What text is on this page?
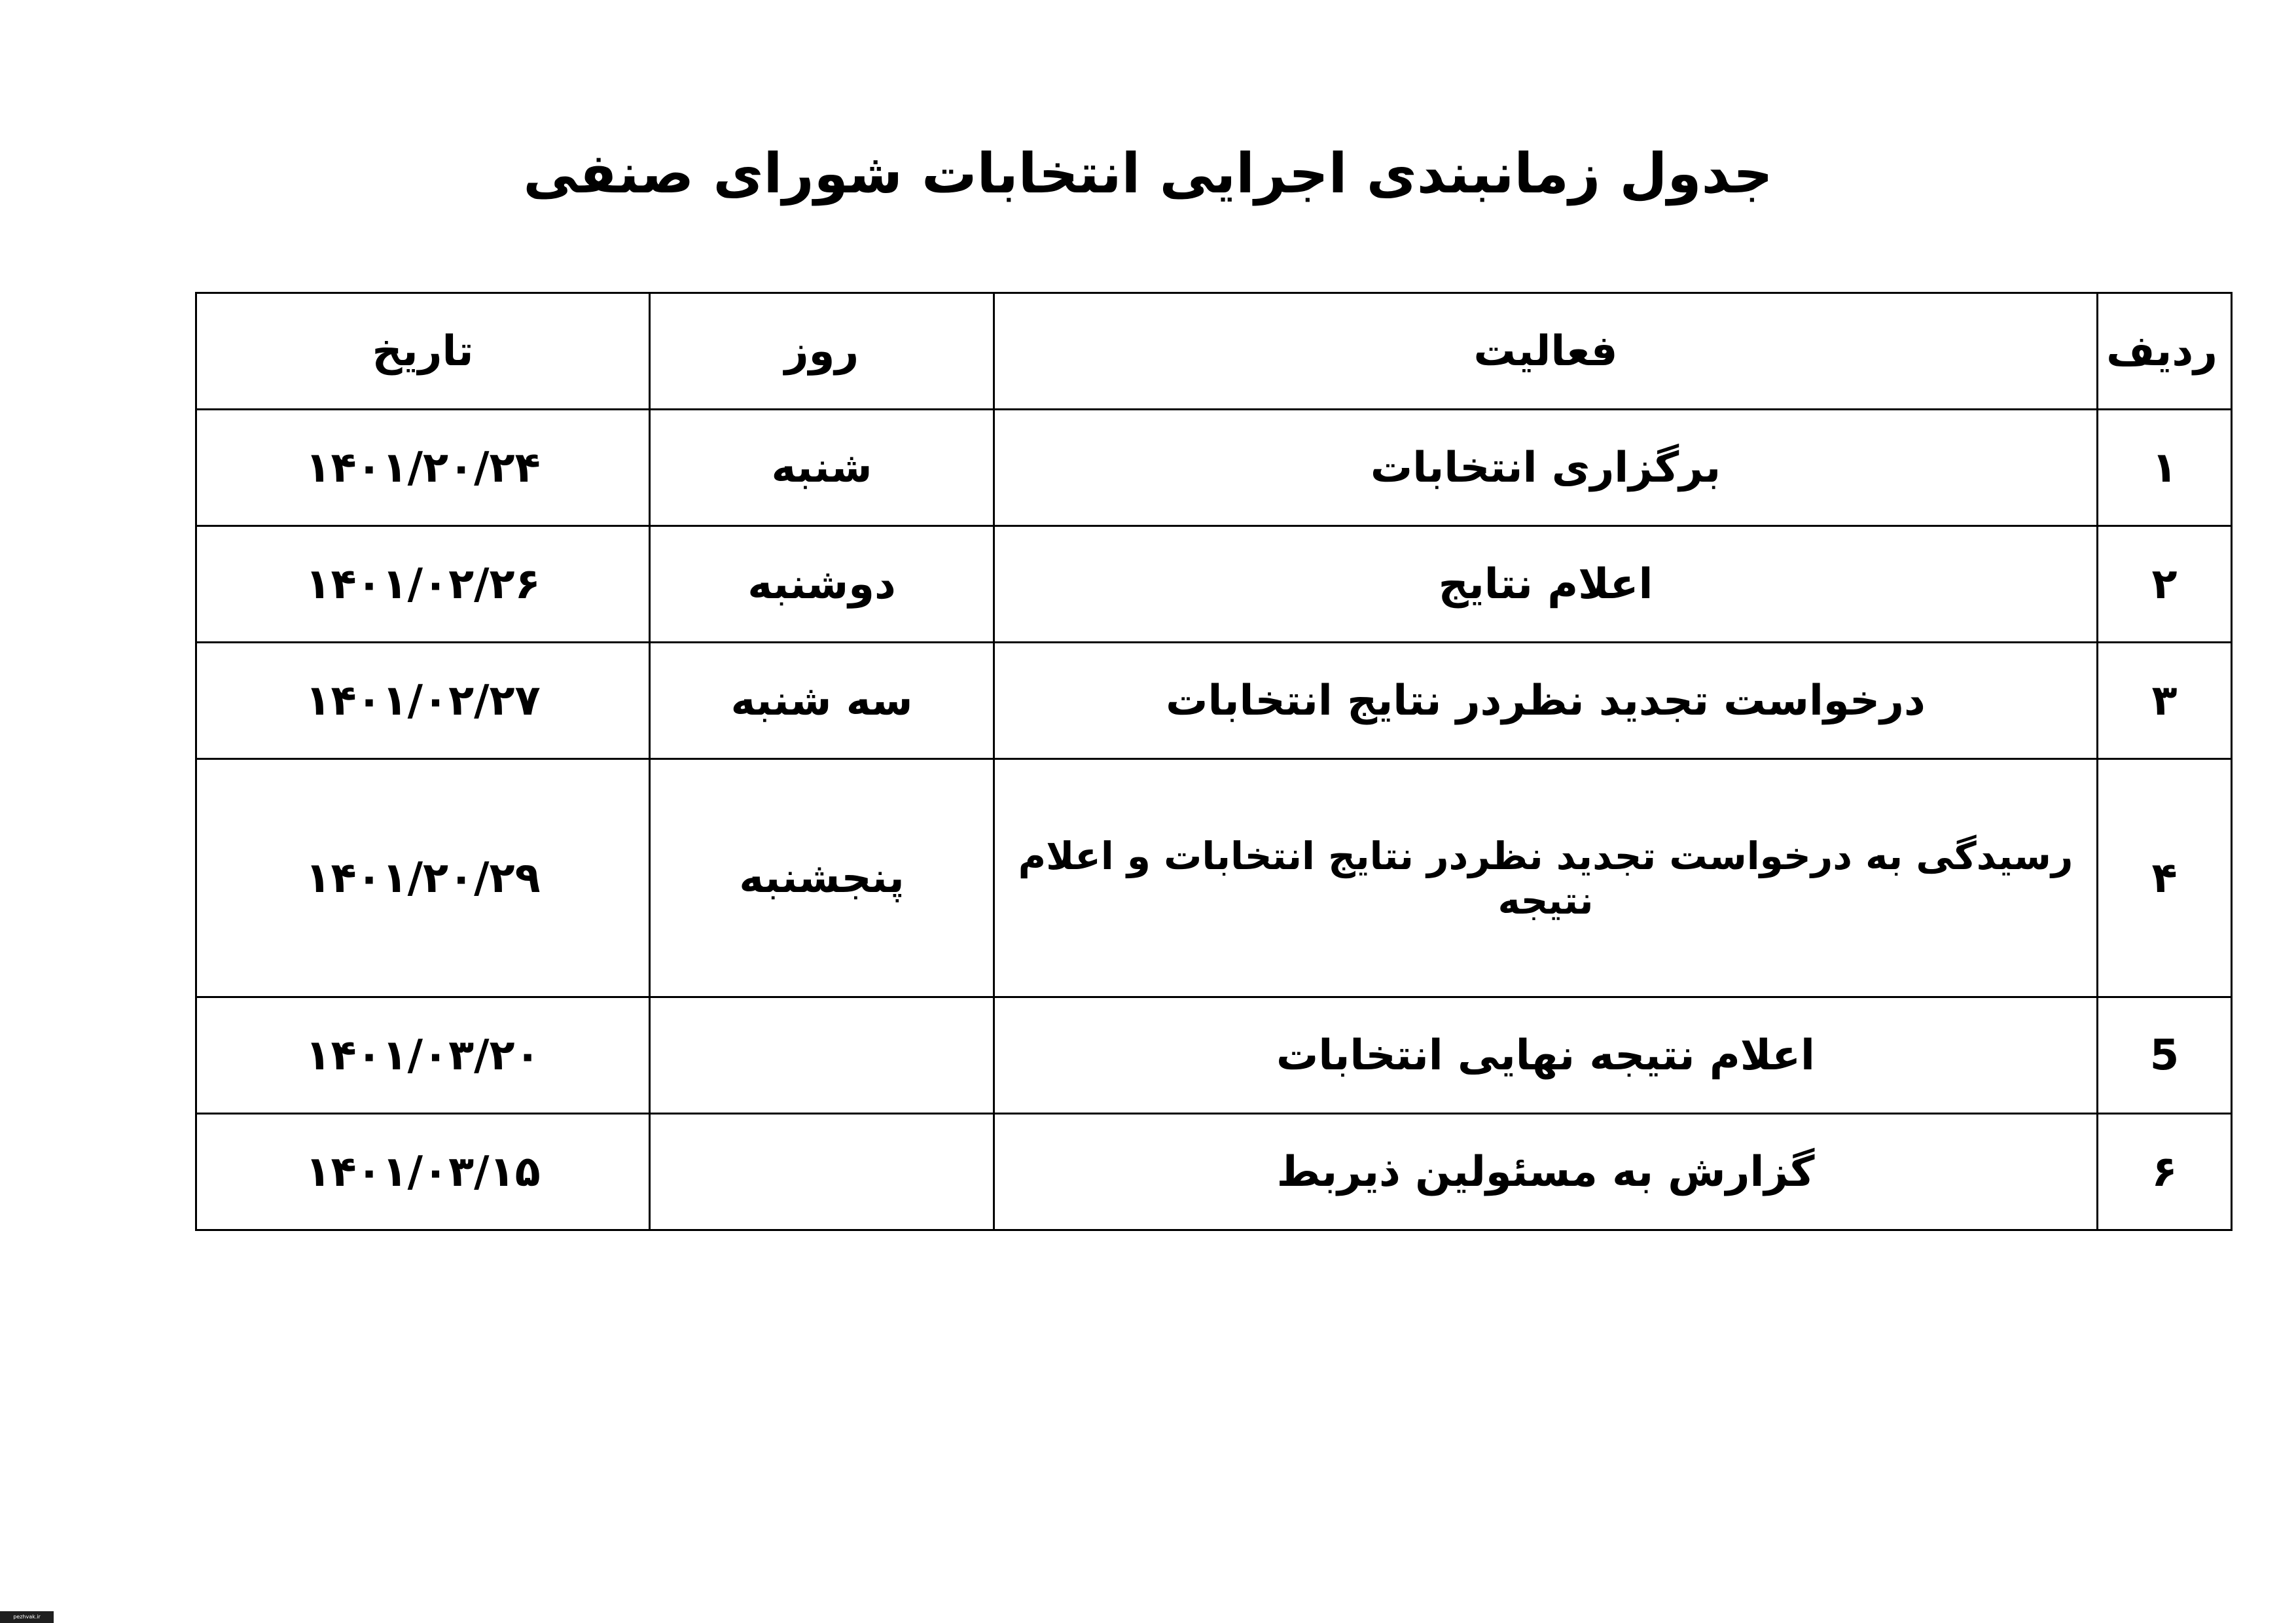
جدول زمانبندی اجرایی انتخابات شورای صنفی
ردیف	فعالیت	روز	تاریخ
۱	برگزاری انتخابات	شنبه	۱۴۰۱/۲۰/۲۴
۲	اعلام نتایج	دوشنبه	۱۴۰۱/۰۲/۲۶
۳	درخواست تجدید نظردر نتایج انتخابات	سه شنبه	۱۴۰۱/۰۲/۲۷
۴	رسیدگی به درخواست تجدید نظردر نتایج انتخابات و اعلام نتیجه	پنجشنبه	۱۴۰۱/۲۰/۲۹
5	اعلام نتیجه نهایی انتخابات		۱۴۰۱/۰۳/۲۰
۶	گزارش به مسئولین ذیربط		۱۴۰۱/۰۳/۱۵
pezhvak.ir
